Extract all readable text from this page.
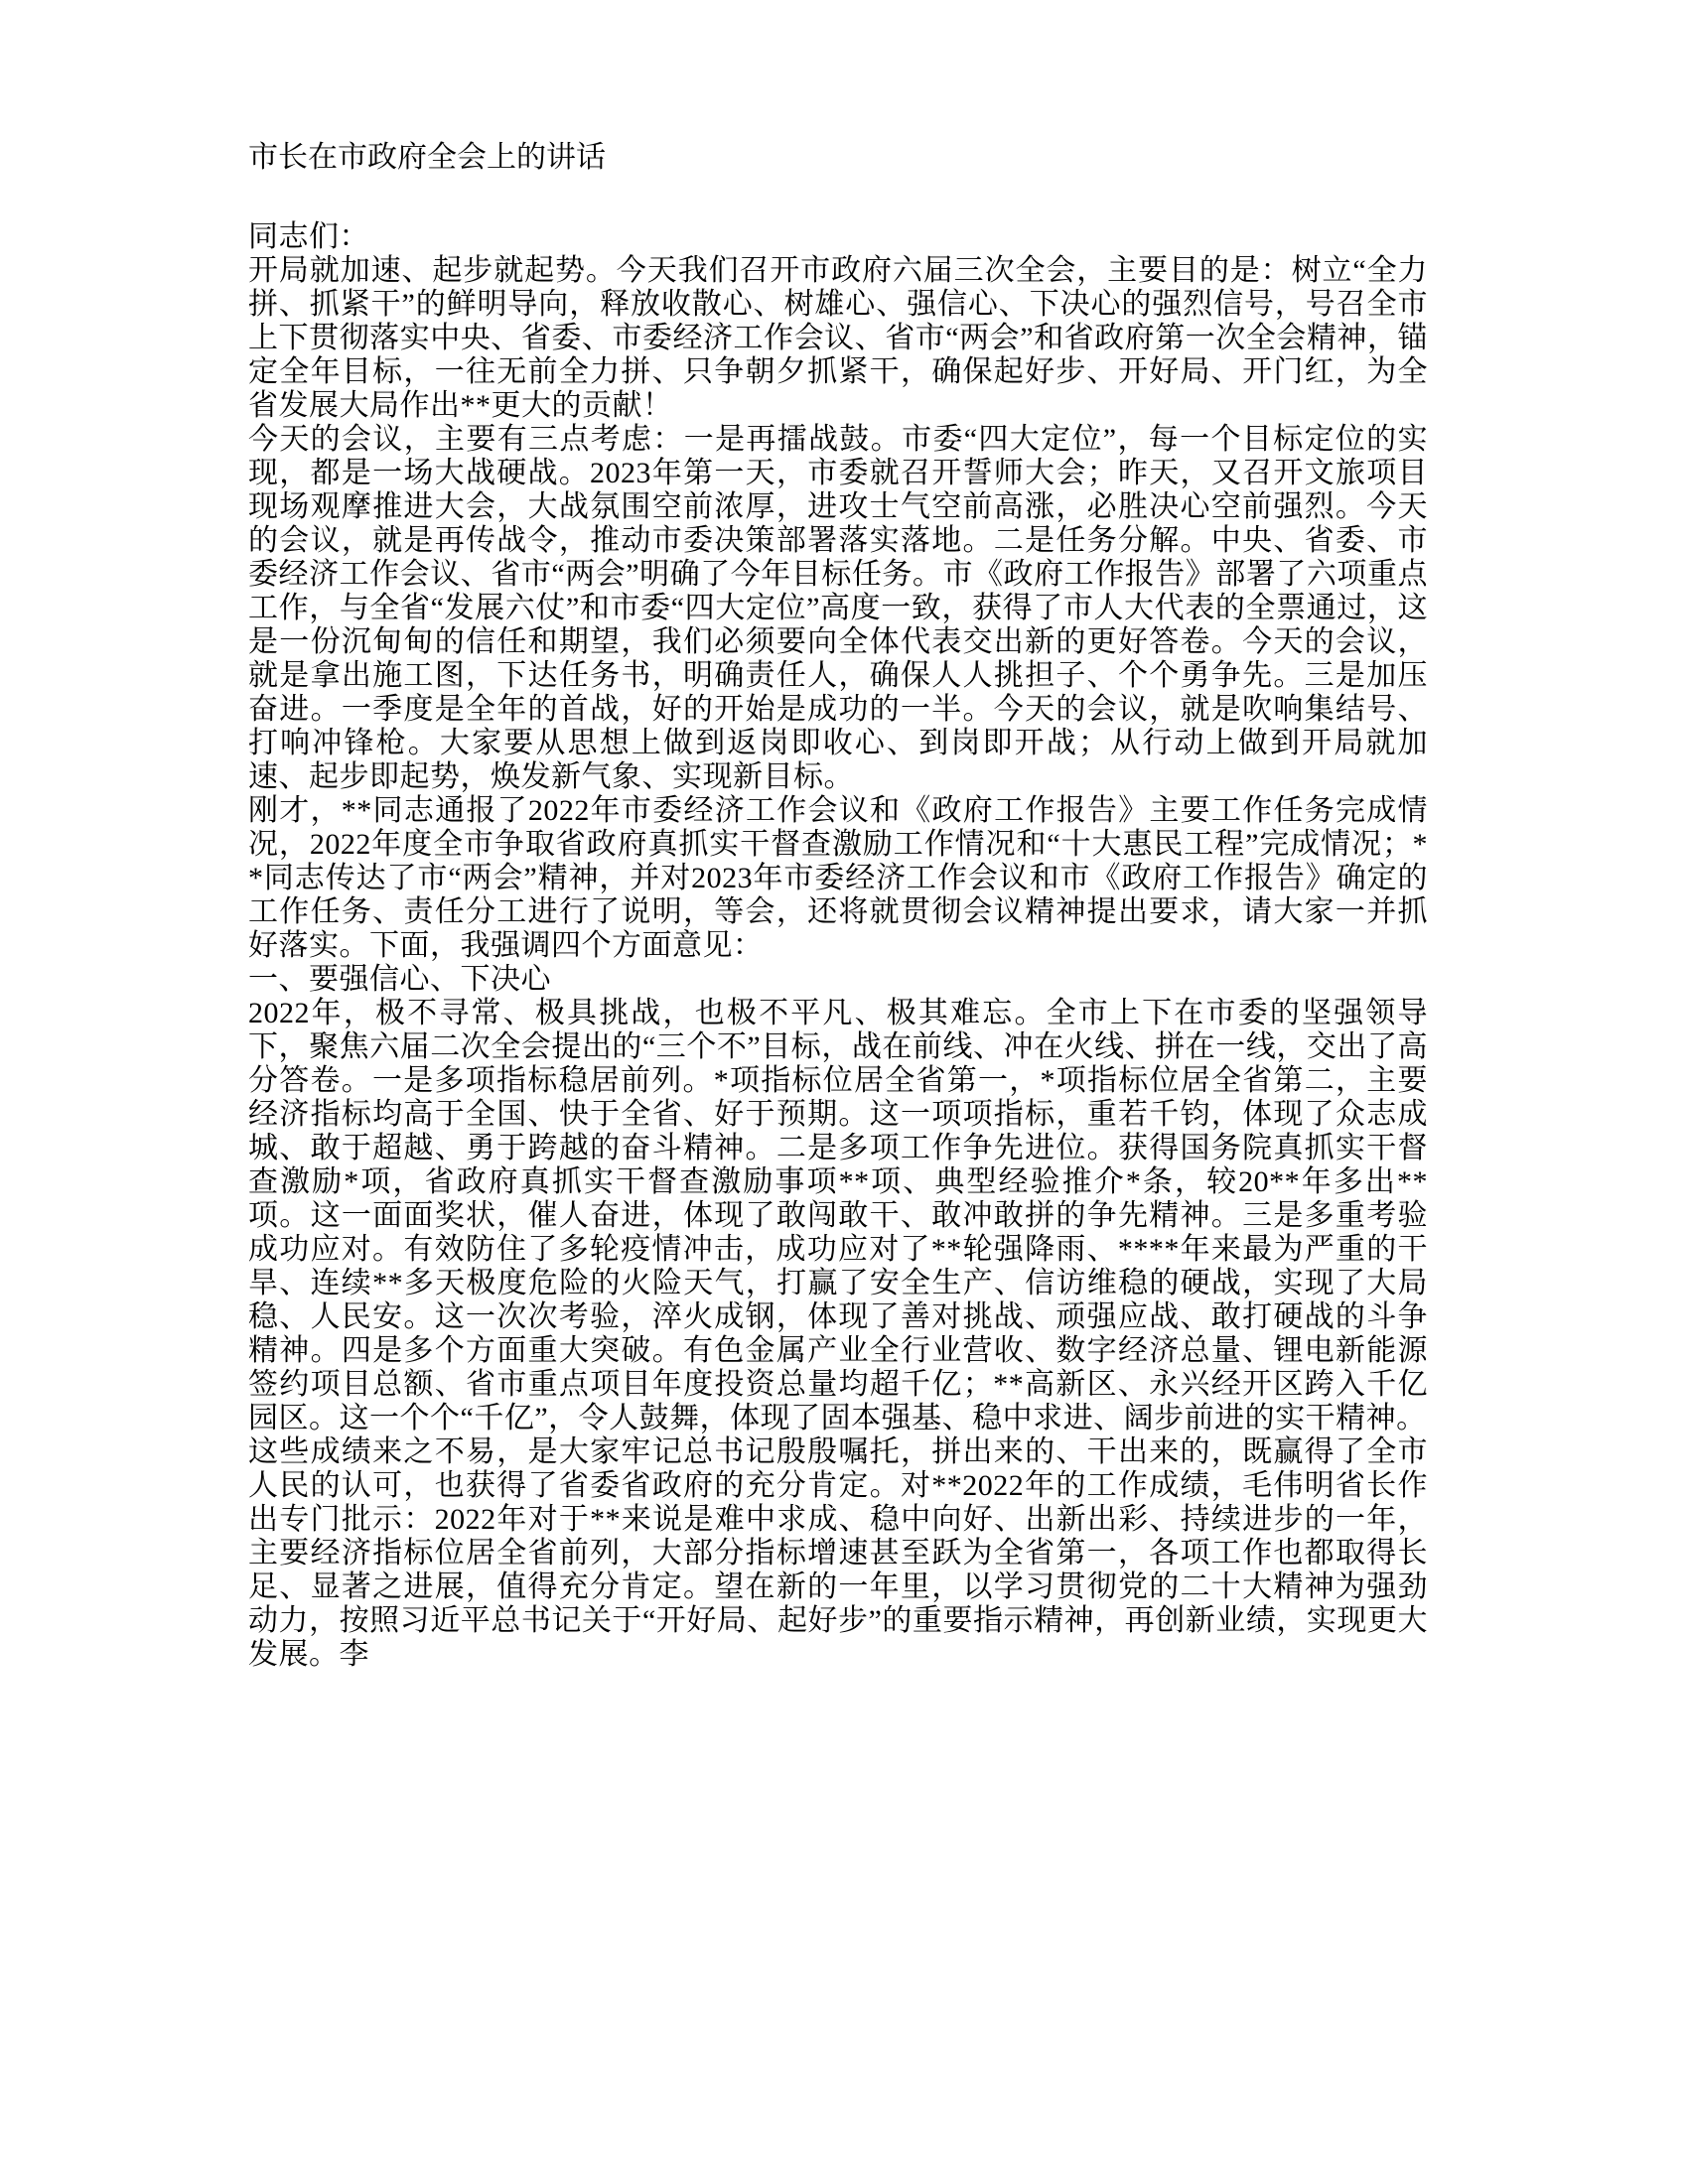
市长在市政府全会上的讲话

同志们：

开局就加速、起步就起势。今天我们召开市政府六届三次全会，主要目的是：树立“全力拼、抓紧干”的鲜明导向，释放收散心、树雄心、强信心、下决心的强烈信号，号召全市上下贯彻落实中央、省委、市委经济工作会议、省市“两会”和省政府第一次全会精神，锚定全年目标，一往无前全力拼、只争朝夕抓紧干，确保起好步、开好局、开门红，为全省发展大局作出**更大的贡献！

今天的会议，主要有三点考虑：一是再擂战鼓。市委“四大定位”，每一个目标定位的实现，都是一场大战硬战。2023年第一天，市委就召开誓师大会；昨天，又召开文旅项目现场观摩推进大会，大战氛围空前浓厚，进攻士气空前高涨，必胜决心空前强烈。今天的会议，就是再传战令，推动市委决策部署落实落地。二是任务分解。中央、省委、市委经济工作会议、省市“两会”明确了今年目标任务。市《政府工作报告》部署了六项重点工作，与全省“发展六仗”和市委“四大定位”高度一致，获得了市人大代表的全票通过，这是一份沉甸甸的信任和期望，我们必须要向全体代表交出新的更好答卷。今天的会议，就是拿出施工图，下达任务书，明确责任人，确保人人挑担子、个个勇争先。三是加压奋进。一季度是全年的首战，好的开始是成功的一半。今天的会议，就是吹响集结号、打响冲锋枪。大家要从思想上做到返岗即收心、到岗即开战；从行动上做到开局就加速、起步即起势，焕发新气象、实现新目标。

刚才，**同志通报了2022年市委经济工作会议和《政府工作报告》主要工作任务完成情况，2022年度全市争取省政府真抓实干督查激励工作情况和“十大惠民工程”完成情况；**同志传达了市“两会”精神，并对2023年市委经济工作会议和市《政府工作报告》确定的工作任务、责任分工进行了说明，等会，还将就贯彻会议精神提出要求，请大家一并抓好落实。下面，我强调四个方面意见：

一、要强信心、下决心

2022年，极不寻常、极具挑战，也极不平凡、极其难忘。全市上下在市委的坚强领导下，聚焦六届二次全会提出的“三个不”目标，战在前线、冲在火线、拼在一线，交出了高分答卷。一是多项指标稳居前列。*项指标位居全省第一，*项指标位居全省第二，主要经济指标均高于全国、快于全省、好于预期。这一项项指标，重若千钧，体现了众志成城、敢于超越、勇于跨越的奋斗精神。二是多项工作争先进位。获得国务院真抓实干督查激励*项，省政府真抓实干督查激励事项**项、典型经验推介*条，较20**年多出**项。这一面面奖状，催人奋进，体现了敢闯敢干、敢冲敢拼的争先精神。三是多重考验成功应对。有效防住了多轮疫情冲击，成功应对了**轮强降雨、****年来最为严重的干旱、连续**多天极度危险的火险天气，打赢了安全生产、信访维稳的硬战，实现了大局稳、人民安。这一次次考验，淬火成钢，体现了善对挑战、顽强应战、敢打硬战的斗争精神。四是多个方面重大突破。有色金属产业全行业营收、数字经济总量、锂电新能源签约项目总额、省市重点项目年度投资总量均超千亿；**高新区、永兴经开区跨入千亿园区。这一个个“千亿”，令人鼓舞，体现了固本强基、稳中求进、阔步前进的实干精神。

这些成绩来之不易，是大家牢记总书记殷殷嘱托，拼出来的、干出来的，既赢得了全市人民的认可，也获得了省委省政府的充分肯定。对**2022年的工作成绩，毛伟明省长作出专门批示：2022年对于**来说是难中求成、稳中向好、出新出彩、持续进步的一年，主要经济指标位居全省前列，大部分指标增速甚至跃为全省第一，各项工作也都取得长足、显著之进展，值得充分肯定。望在新的一年里，以学习贯彻党的二十大精神为强劲动力，按照习近平总书记关于“开好局、起好步”的重要指示精神，再创新业绩，实现更大发展。李
